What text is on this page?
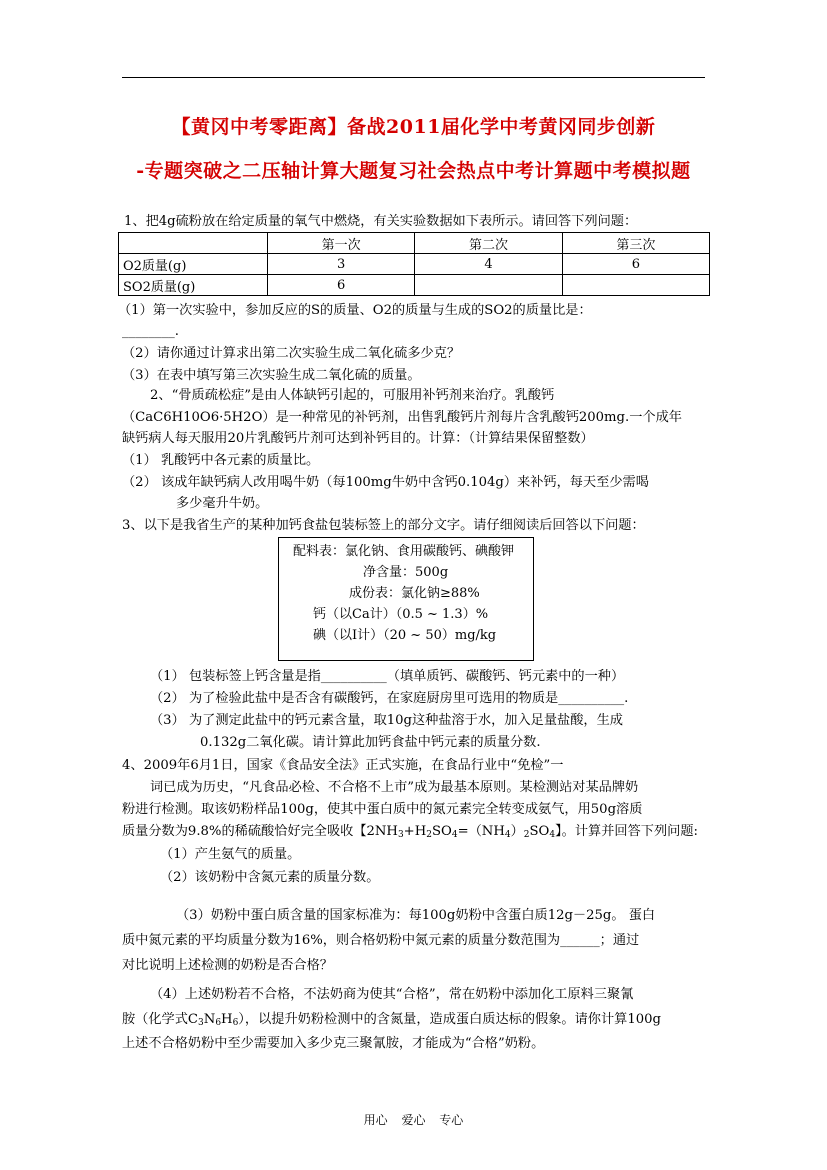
【黄冈中考零距离】备战2011届化学中考黄冈同步创新
-专题突破之二压轴计算大题复习社会热点中考计算题中考模拟题
1、把4g硫粉放在给定质量的氧气中燃烧，有关实验数据如下表所示。请回答下列问题：
	第一次	第二次	第三次
O2质量(g)	3	4	6
SO2质量(g)	6		
（1）第一次实验中，参加反应的S的质量、O2的质量与生成的SO2的质量比是：
________.
（2）请你通过计算求出第二次实验生成二氧化硫多少克？
（3）在表中填写第三次实验生成二氧化硫的质量。
2、“骨质疏松症”是由人体缺钙引起的，可服用补钙剂来治疗。乳酸钙
（CaC6H10O6·5H2O）是一种常见的补钙剂，出售乳酸钙片剂每片含乳酸钙200mg.一个成年
缺钙病人每天服用20片乳酸钙片剂可达到补钙目的。计算：（计算结果保留整数）
（1） 乳酸钙中各元素的质量比。
（2） 该成年缺钙病人改用喝牛奶（每100mg牛奶中含钙0.104g）来补钙，每天至少需喝
多少毫升牛奶。
3、以下是我省生产的某种加钙食盐包装标签上的部分文字。请仔细阅读后回答以下问题：
配料表：氯化钠、食用碳酸钙、碘酸钾
净含量：500g
成份表：氯化钠≥88%
钙（以Ca计）（0.5 ~ 1.3）%
碘（以I计）（20 ~ 50）mg/kg
（1） 包装标签上钙含量是指__________（填单质钙、碳酸钙、钙元素中的一种）
（2） 为了检验此盐中是否含有碳酸钙，在家庭厨房里可选用的物质是__________.
（3） 为了测定此盐中的钙元素含量，取10g这种盐溶于水，加入足量盐酸，生成
0.132g二氧化碳。请计算此加钙食盐中钙元素的质量分数.
4、2009年6月1日，国家《食品安全法》正式实施，在食品行业中“免检”一
词已成为历史，“凡食品必检、不合格不上市”成为最基本原则。某检测站对某品牌奶
粉进行检测。取该奶粉样品100g，使其中蛋白质中的氮元素完全转变成氨气，用50g溶质
质量分数为9.8%的稀硫酸恰好完全吸收【$2NH_3+H_2SO_4=(NH_4)_2SO_4$】。计算并回答下列问题:
（1）产生氨气的质量。
（2）该奶粉中含氮元素的质量分数。
（3）奶粉中蛋白质含量的国家标准为：每100g奶粉中含蛋白质12g－25g。 蛋白
质中氮元素的平均质量分数为16%，则合格奶粉中氮元素的质量分数范围为______；通过
对比说明上述检测的奶粉是否合格？
（4）上述奶粉若不合格，不法奶商为使其“合格”，常在奶粉中添加化工原料三聚氰
胺（化学式$C_3N_6H_6$），以提升奶粉检测中的含氮量，造成蛋白质达标的假象。请你计算100g
上述不合格奶粉中至少需要加入多少克三聚氰胺，才能成为“合格”奶粉。
用心 爱心 专心
